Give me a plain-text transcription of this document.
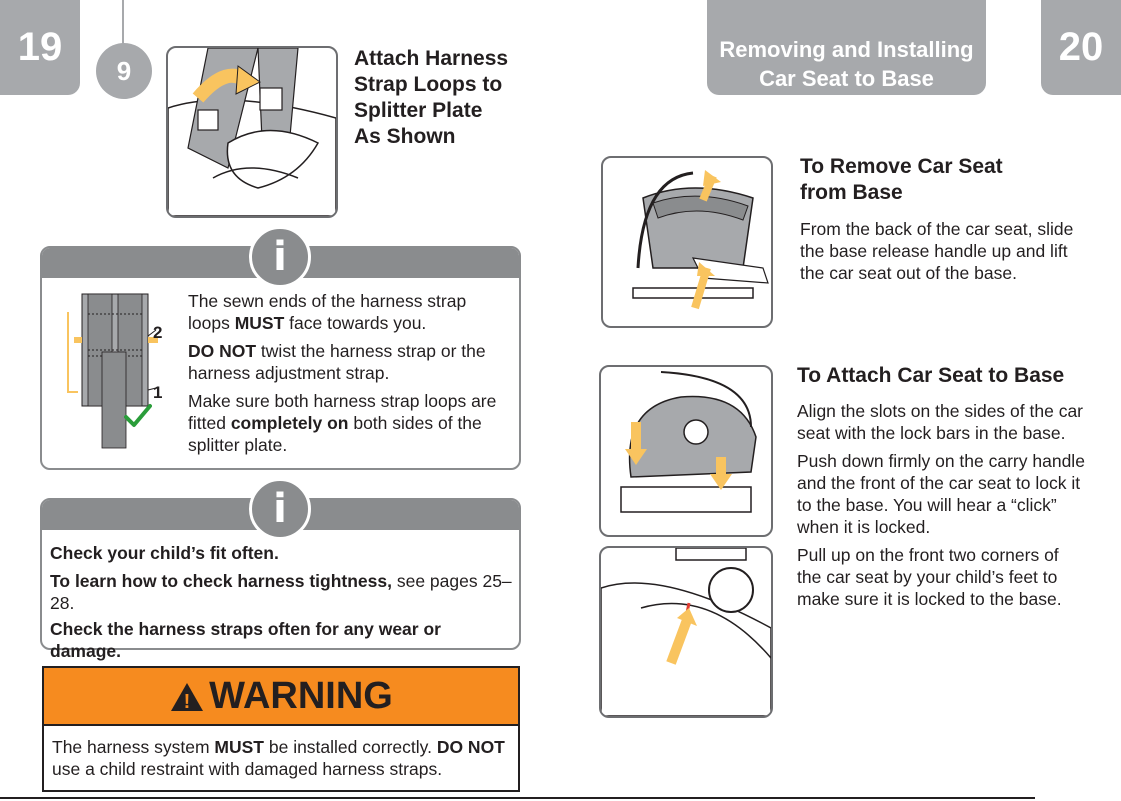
19
9	Attach Harness
Strap Loops to
Splitter Plate
As Shown
i
2
1

The sewn ends of the harness strap loops MUST face towards you.

DO NOT twist the harness strap or the harness adjustment strap.

Make sure both harness strap loops are fitted completely on both sides of the splitter plate.

i

Check your child’s fit often.

To learn how to check harness tightness, see pages 25–28.

Check the harness straps often for any wear or damage.

! WARNING
The harness system MUST be installed correctly. DO NOT use a child restraint with damaged harness straps.
Removing and Installing
Car Seat to Base
20
To Remove Car Seat
from Base
From the back of the car seat, slide the base release handle up and lift the car seat out of the base.
To Attach Car Seat to Base

Align the slots on the sides of the car seat with the lock bars in the base.

Push down firmly on the carry handle and the front of the car seat to lock it to the base. You will hear a “click” when it is locked.

Pull up on the front two corners of the car seat by your child’s feet to make sure it is locked to the base.
